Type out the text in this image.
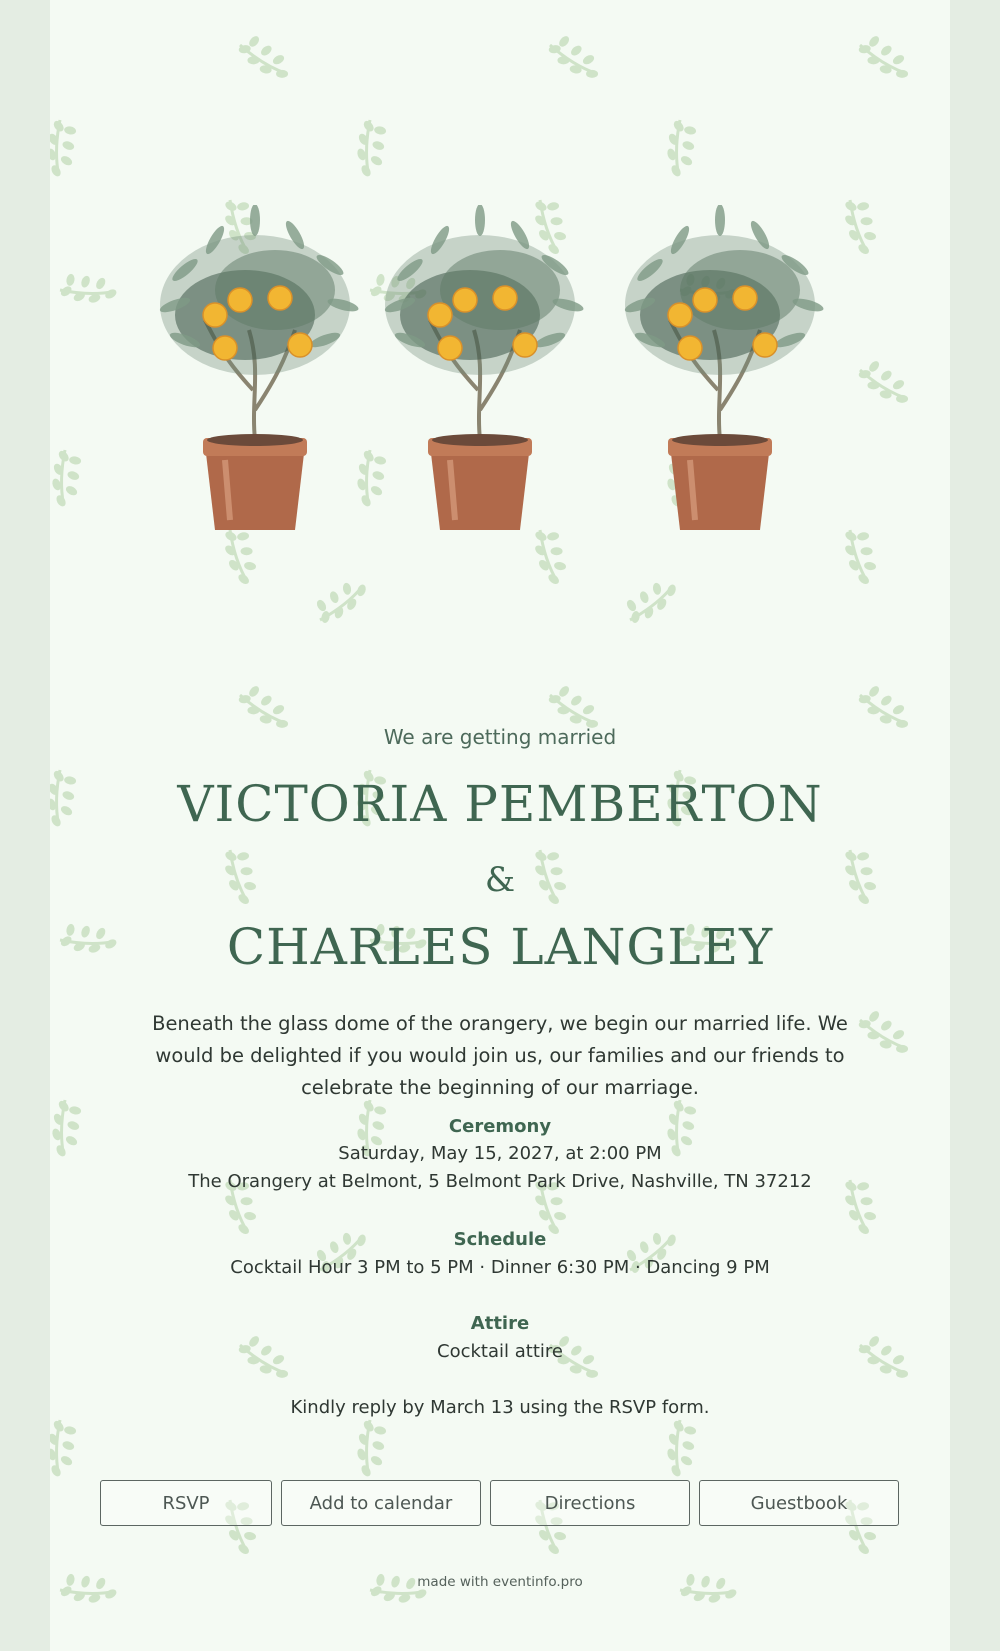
We are getting married
VICTORIA PEMBERTON
&
CHARLES LANGLEY
Beneath the glass dome of the orangery, we begin our married life. We would be delighted if you would join us, our families and our friends to celebrate the beginning of our marriage.
Ceremony
Saturday, May 15, 2027, at 2:00 PM
The Orangery at Belmont, 5 Belmont Park Drive, Nashville, TN 37212
Schedule
Cocktail Hour 3 PM to 5 PM · Dinner 6:30 PM · Dancing 9 PM
Attire
Cocktail attire
Kindly reply by March 13 using the RSVP form.
RSVP	Add to calendar	Directions	Guestbook
made with eventinfo.pro
